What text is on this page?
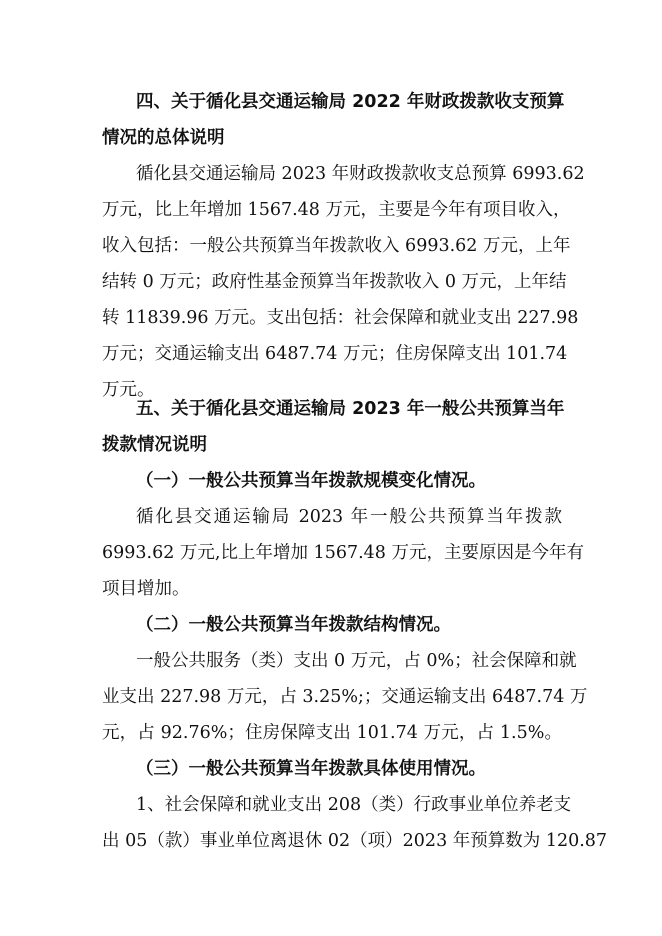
四、关于循化县交通运输局 2022 年财政拨款收支预算
情况的总体说明
循化县交通运输局 2023 年财政拨款收支总预算 6993.62
万元，比上年增加 1567.48 万元，主要是今年有项目收入，
收入包括：一般公共预算当年拨款收入 6993.62 万元，上年
结转 0 万元；政府性基金预算当年拨款收入 0 万元，上年结
转 11839.96 万元。支出包括：社会保障和就业支出 227.98
万元；交通运输支出 6487.74 万元；住房保障支出 101.74
万元。
五、关于循化县交通运输局 2023 年一般公共预算当年
拨款情况说明
（一）一般公共预算当年拨款规模变化情况。
循化县交通运输局 2023 年一般公共预算当年拨款
6993.62 万元,比上年增加 1567.48 万元，主要原因是今年有
项目增加。
（二）一般公共预算当年拨款结构情况。
一般公共服务（类）支出 0 万元，占 0%；社会保障和就
业支出 227.98 万元，占 3.25%;；交通运输支出 6487.74 万
元，占 92.76%；住房保障支出 101.74 万元，占 1.5%。
（三）一般公共预算当年拨款具体使用情况。
1、社会保障和就业支出 208（类）行政事业单位养老支
出 05（款）事业单位离退休 02（项）2023 年预算数为 120.87
